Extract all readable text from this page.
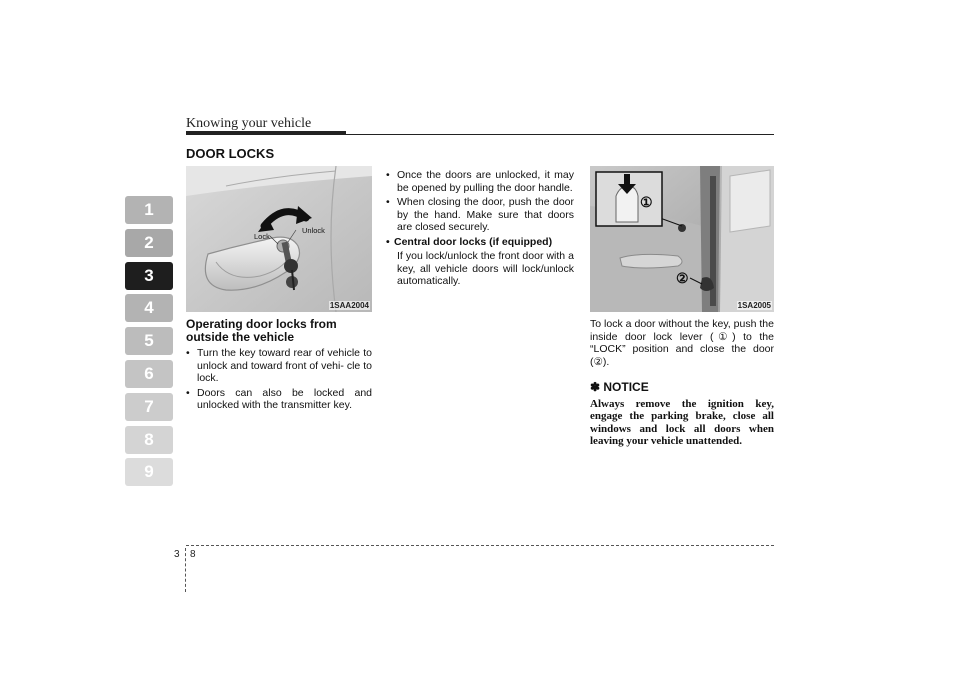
Knowing your vehicle
1
2
3
4
5
6
7
8
9
DOOR LOCKS
Lock
Unlock
1SAA2004
Operating door locks from outside the vehicle
• Turn the key toward rear of vehicle to unlock and toward front of vehi- cle to lock.
• Doors can also be locked and unlocked with the transmitter key.
• Once the doors are unlocked, it may be opened by pulling the door handle.
• When closing the door, push the door by the hand. Make sure that doors are closed securely.
• Central door locks (if equipped)
If you lock/unlock the front door with a key, all vehicle doors will lock/unlock automatically.
①
②
1SA2005
To lock a door without the key, push the inside door lock lever (①) to the “LOCK” position and close the door (②).
✽ NOTICE
Always remove the ignition key, engage the parking brake, close all windows and lock all doors when leaving your vehicle unattended.
3 8
